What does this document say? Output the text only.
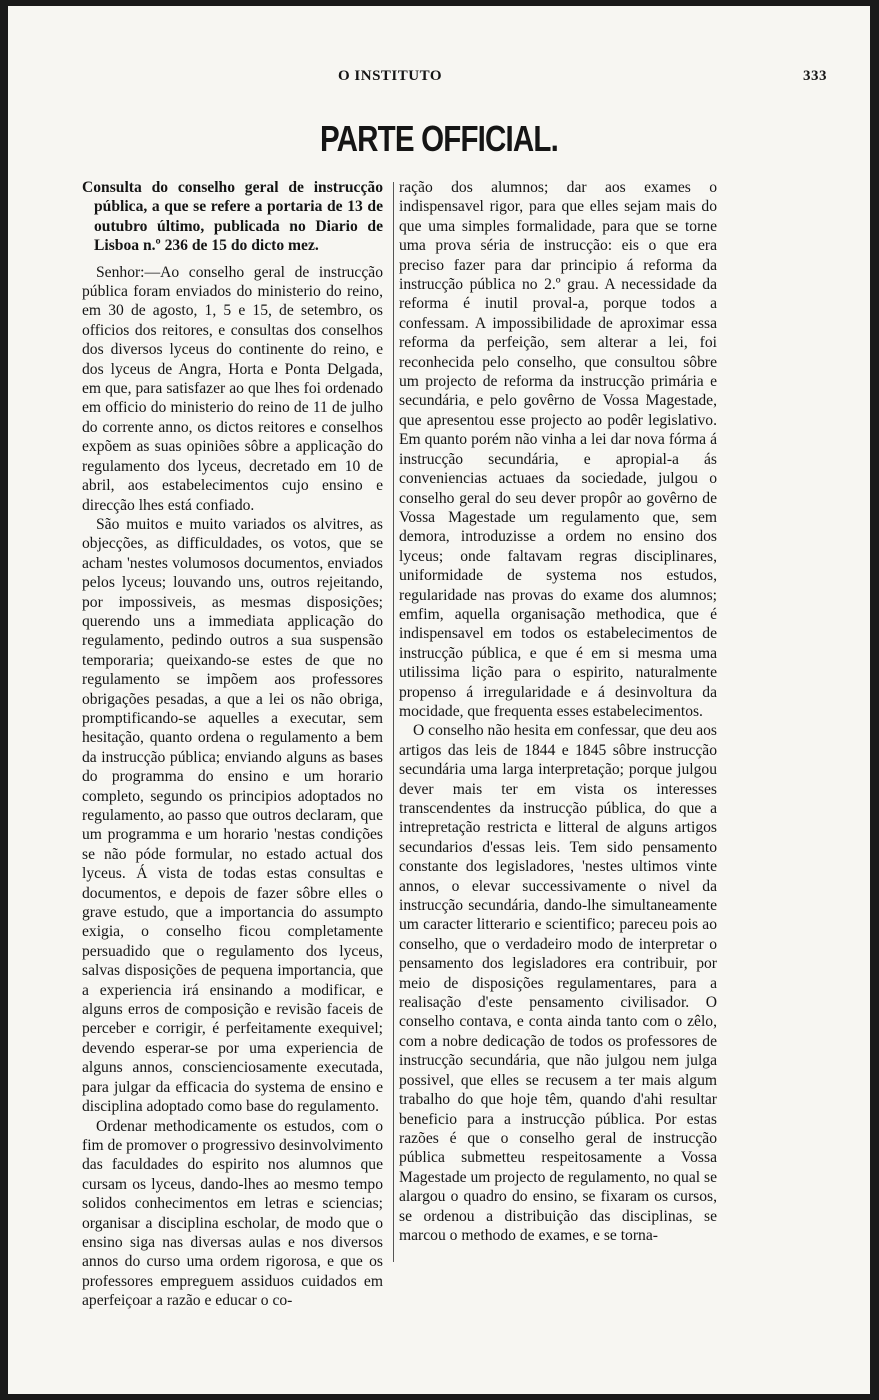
O INSTITUTO	333
PARTE OFFICIAL.

Consulta do conselho geral de instrucção pública, a que se refere a portaria de 13 de outubro último, publicada no Diario de Lisboa n.º 236 de 15 do dicto mez.

Senhor:—Ao conselho geral de instrucção pública foram enviados do ministerio do reino, em 30 de agosto, 1, 5 e 15, de setembro, os officios dos reitores, e consultas dos conselhos dos diversos lyceus do continente do reino, e dos lyceus de Angra, Horta e Ponta Delgada, em que, para satisfazer ao que lhes foi ordenado em officio do ministerio do reino de 11 de julho do corrente anno, os dictos reitores e conselhos expõem as suas opiniões sôbre a applicação do regulamento dos lyceus, decretado em 10 de abril, aos estabelecimentos cujo ensino e direcção lhes está confiado.

São muitos e muito variados os alvitres, as objecções, as difficuldades, os votos, que se acham 'nestes volumosos documentos, enviados pelos lyceus; louvando uns, outros rejeitando, por impossiveis, as mesmas disposições; querendo uns a immediata applicação do regulamento, pedindo outros a sua suspensão temporaria; queixando-se estes de que no regulamento se impõem aos professores obrigações pesadas, a que a lei os não obriga, promptificando-se aquelles a executar, sem hesitação, quanto ordena o regulamento a bem da instrucção pública; enviando alguns as bases do programma do ensino e um horario completo, segundo os principios adoptados no regulamento, ao passo que outros declaram, que um programma e um horario 'nestas condições se não póde formular, no estado actual dos lyceus. Á vista de todas estas consultas e documentos, e depois de fazer sôbre elles o grave estudo, que a importancia do assumpto exigia, o conselho ficou completamente persuadido que o regulamento dos lyceus, salvas disposições de pequena importancia, que a experiencia irá ensinando a modificar, e alguns erros de composição e revisão faceis de perceber e corrigir, é perfeitamente exequivel; devendo esperar-se por uma experiencia de alguns annos, conscienciosamente executada, para julgar da efficacia do systema de ensino e disciplina adoptado como base do regulamento.

Ordenar methodicamente os estudos, com o fim de promover o progressivo desinvolvimento das faculdades do espirito nos alumnos que cursam os lyceus, dando-lhes ao mesmo tempo solidos conhecimentos em letras e sciencias; organisar a disciplina escholar, de modo que o ensino siga nas diversas aulas e nos diversos annos do curso uma ordem rigorosa, e que os professores empreguem assiduos cuidados em aperfeiçoar a razão e educar o co-

ração dos alumnos; dar aos exames o indispensavel rigor, para que elles sejam mais do que uma simples formalidade, para que se torne uma prova séria de instrucção: eis o que era preciso fazer para dar principio á reforma da instrucção pública no 2.º grau. A necessidade da reforma é inutil proval-a, porque todos a confessam. A impossibilidade de aproximar essa reforma da perfeição, sem alterar a lei, foi reconhecida pelo conselho, que consultou sôbre um projecto de reforma da instrucção primária e secundária, e pelo govêrno de Vossa Magestade, que apresentou esse projecto ao podêr legislativo. Em quanto porém não vinha a lei dar nova fórma á instrucção secundária, e apropial-a ás conveniencias actuaes da sociedade, julgou o conselho geral do seu dever propôr ao govêrno de Vossa Magestade um regulamento que, sem demora, introduzisse a ordem no ensino dos lyceus; onde faltavam regras disciplinares, uniformidade de systema nos estudos, regularidade nas provas do exame dos alumnos; emfim, aquella organisação methodica, que é indispensavel em todos os estabelecimentos de instrucção pública, e que é em si mesma uma utilissima lição para o espirito, naturalmente propenso á irregularidade e á desinvoltura da mocidade, que frequenta esses estabelecimentos.

O conselho não hesita em confessar, que deu aos artigos das leis de 1844 e 1845 sôbre instrucção secundária uma larga interpretação; porque julgou dever mais ter em vista os interesses transcendentes da instrucção pública, do que a intrepretação restricta e litteral de alguns artigos secundarios d'essas leis. Tem sido pensamento constante dos legisladores, 'nestes ultimos vinte annos, o elevar successivamente o nivel da instrucção secundária, dando-lhe simultaneamente um caracter litterario e scientifico; pareceu pois ao conselho, que o verdadeiro modo de interpretar o pensamento dos legisladores era contribuir, por meio de disposições regulamentares, para a realisação d'este pensamento civilisador. O conselho contava, e conta ainda tanto com o zêlo, com a nobre dedicação de todos os professores de instrucção secundária, que não julgou nem julga possivel, que elles se recusem a ter mais algum trabalho do que hoje têm, quando d'ahi resultar beneficio para a instrucção pública. Por estas razões é que o conselho geral de instrucção pública submetteu respeitosamente a Vossa Magestade um projecto de regulamento, no qual se alargou o quadro do ensino, se fixaram os cursos, se ordenou a distribuição das disciplinas, se marcou o methodo de exames, e se torna-
